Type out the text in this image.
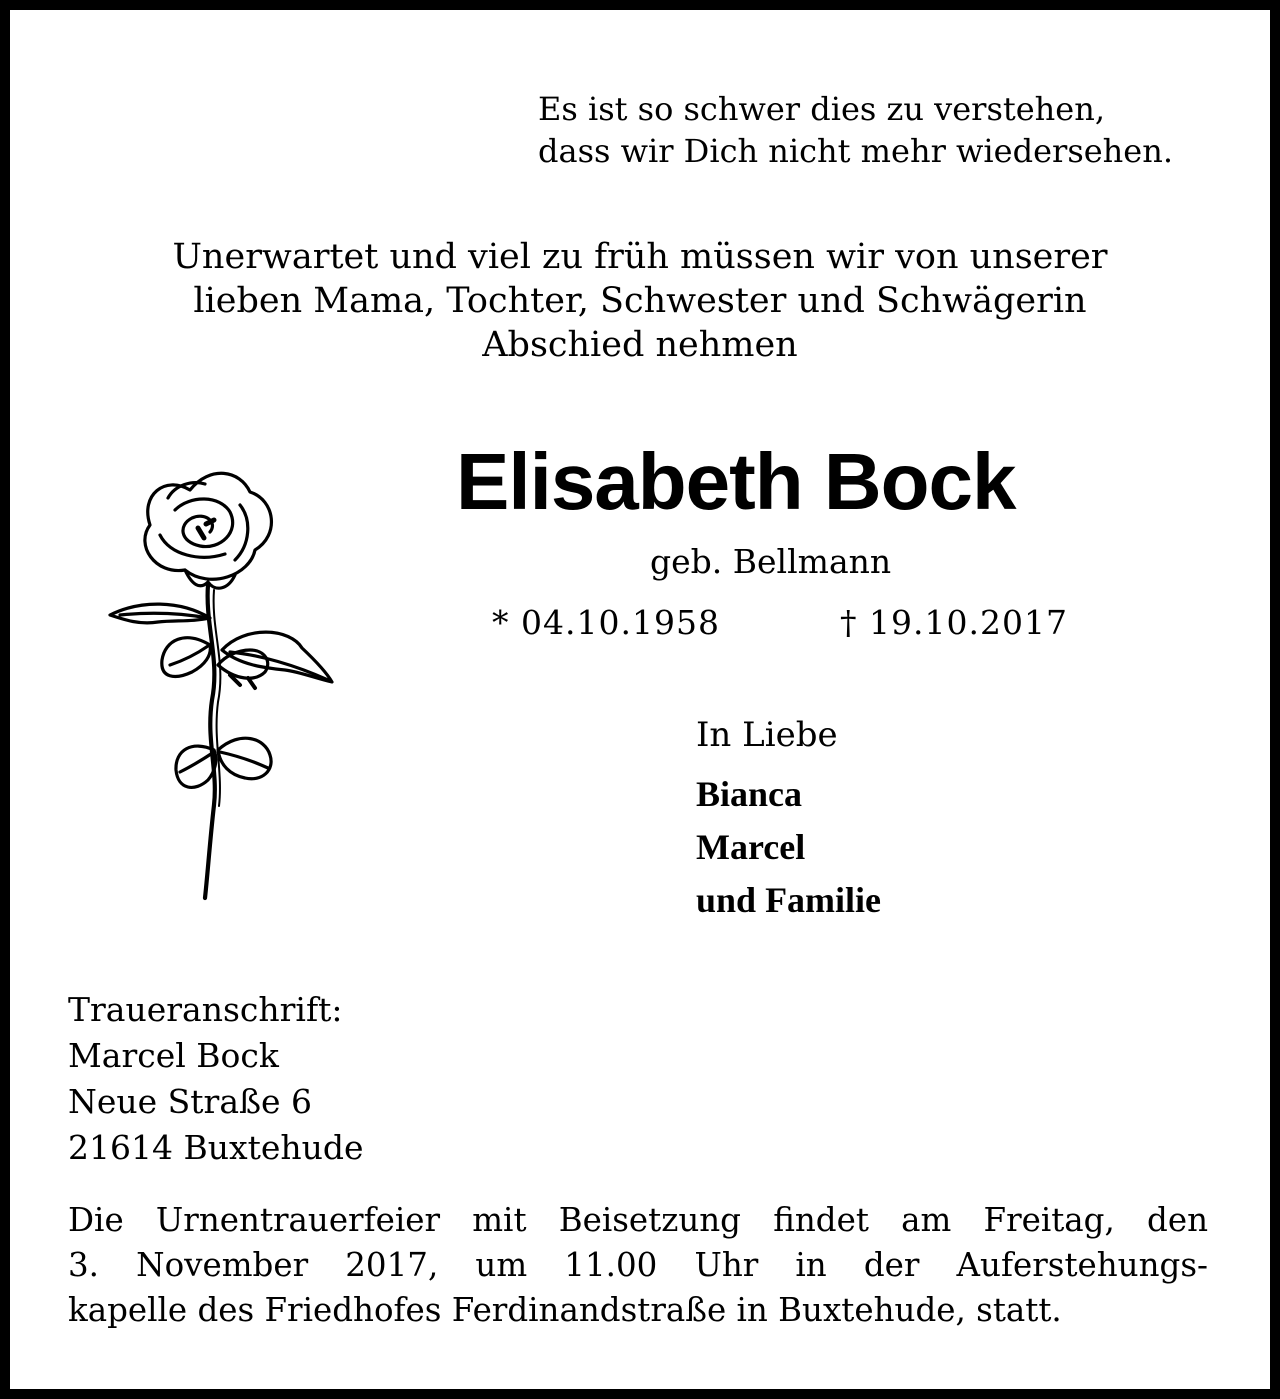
Es ist so schwer dies zu verstehen,
dass wir Dich nicht mehr wiedersehen.
Unerwartet und viel zu früh müssen wir von unserer
lieben Mama, Tochter, Schwester und Schwägerin
Abschied nehmen
Elisabeth Bock
geb. Bellmann
* 04.10.1958	† 19.10.2017
In Liebe
Bianca
Marcel
und Familie
Traueranschrift:
Marcel Bock
Neue Straße 6
21614 Buxtehude
Die Urnentrauerfeier mit Beisetzung findet am Freitag, den
3. November 2017, um 11.00 Uhr in der Auferstehungs-
kapelle des Friedhofes Ferdinandstraße in Buxtehude, statt.
